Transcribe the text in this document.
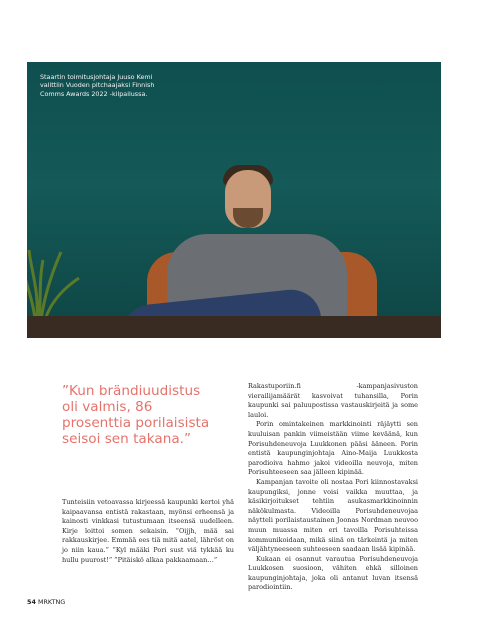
Staartin toimitusjohtaja Juuso Kemi valittiin Vuoden pitchaajaksi Finnish Comms Awards 2022 -kilpailussa.
”Kun brändiuudistus oli valmis, 86 prosenttia porilaisista seisoi sen takana.”

Tunteisiin vetoavassa kirjeessä kaupunki kertoi yhä kaipaavansa entistä rakastaan, myönsi erheensä ja kainosti vinkkasi tutustumaan itseensä uudelleen. Kirje loittoi somen sekaisin. ”Oijjh, mää sai rakkauskirjee. Emmää ees tiä mitä aatel, lähröst on jo niin kaua.” ”Kyl määki Pori sust viä tykkää ku hullu puurost!” ”Pitäiskö alkaa pakkaamaan…”

Rakastuporiin.fi -kampanjasivuston vierailijamäärät kasvoivat tuhansilla, Porin kaupunki sai paluupostissa vastauskirjeitä ja some lauloi.

Porin omintakeinen markkinointi räjäytti sen kuuluisan pankin viimeistään viime keväänä, kun Porisuhdeneuvoja Luukkonen pääsi ääneen. Porin entistä kaupunginjohtaja Aino-Maija Luukkosta parodioiva hahmo jakoi videoilla neuvoja, miten Porisuhteeseen saa jälleen kipinää.

Kampanjan tavoite oli nostaa Pori kiinnostavaksi kaupungiksi, jonne voisi vaikka muuttaa, ja käsikirjoitukset tehtiin asukasmarkkinoinnin näkökulmasta. Videoilla Porisuhdeneuvojaa näytteli porilaistaustainen Joonas Nordman neuvoo muun muassa miten eri tavoilla Porisuhteissa kommunikoidaan, mikä siinä on tärkeintä ja miten väljähtyneeseen suhteeseen saadaan lisää kipinää.

Kukaan ei osannut varautua Porisuhdeneuvoja Luukkosen suosioon, vähiten ehkä silloinen kaupunginjohtaja, joka oli antanut luvan itsensä parodiointiin.

54 MRKTNG
